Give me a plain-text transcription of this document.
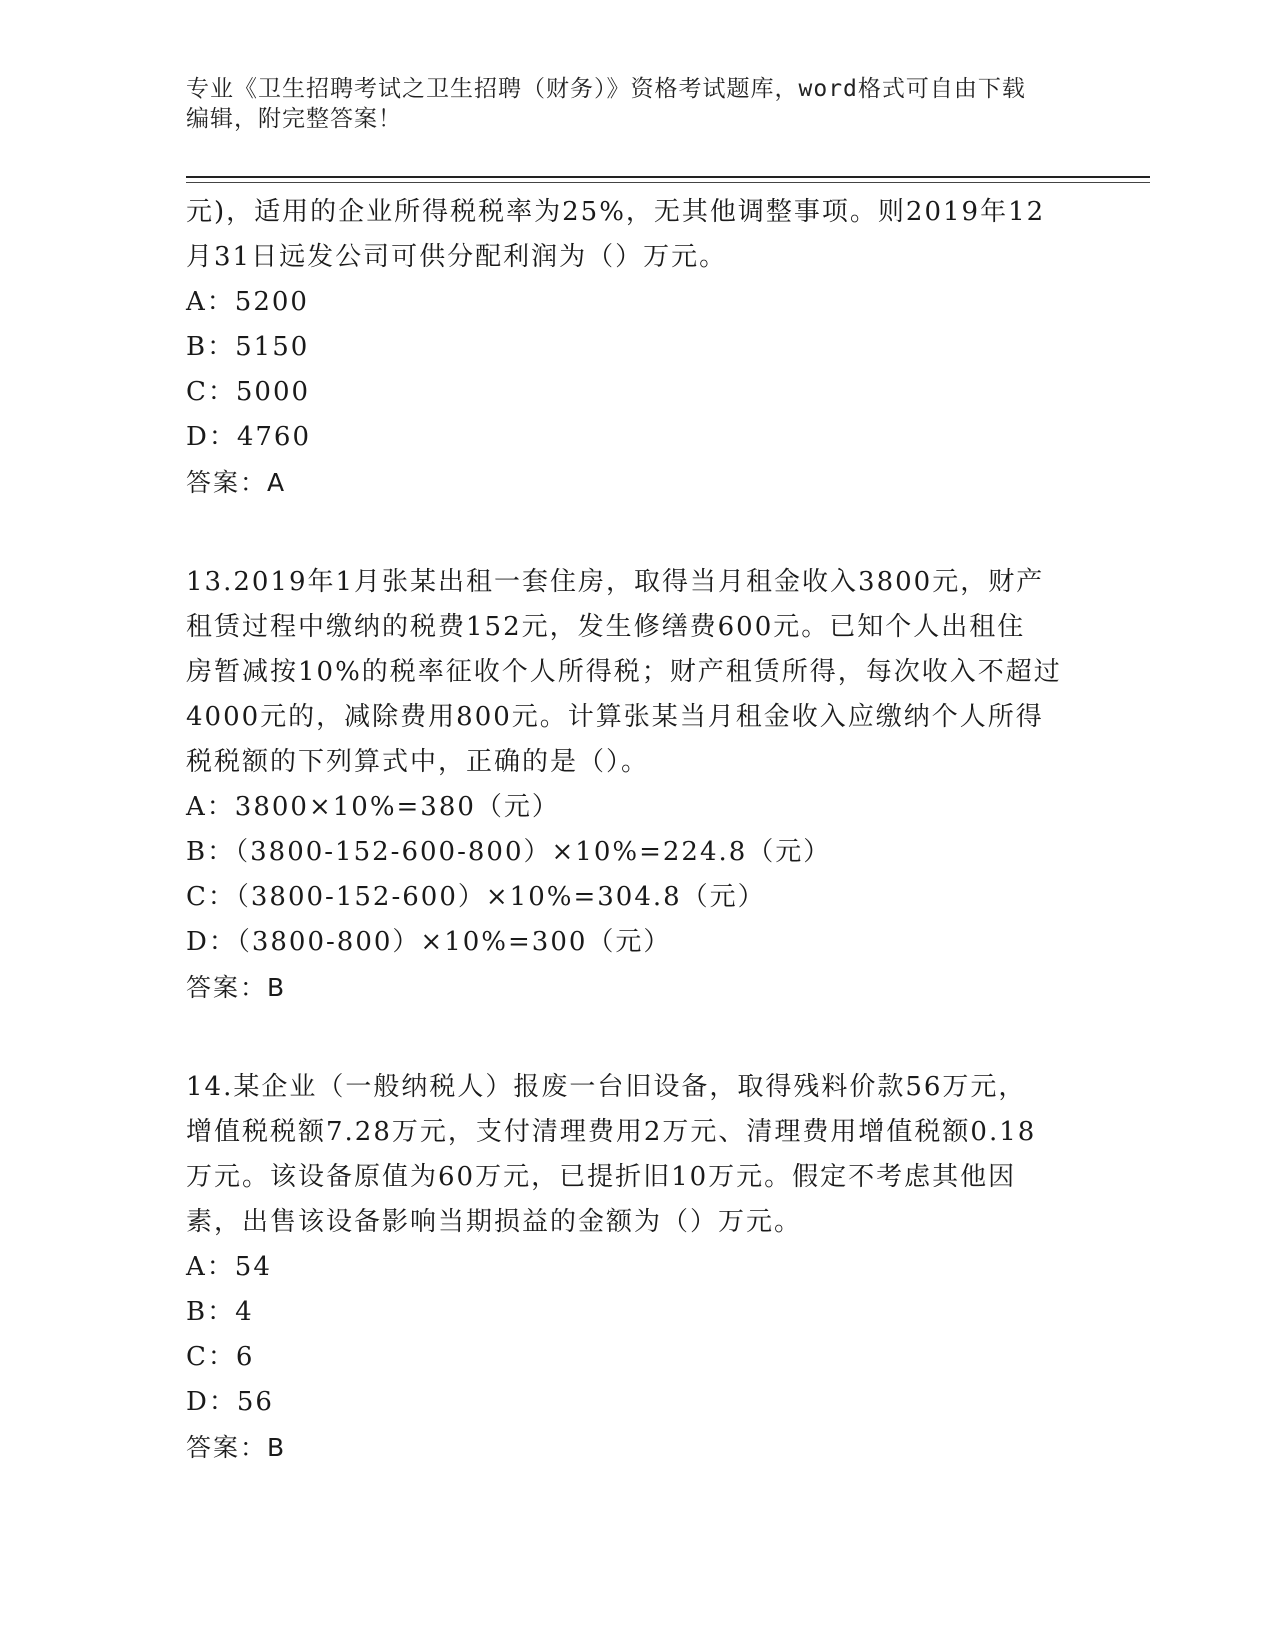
专业《卫生招聘考试之卫生招聘（财务）》资格考试题库，word格式可自由下载
编辑，附完整答案！

元)，适用的企业所得税税率为25%，无其他调整事项。则2019年12

月31日远发公司可供分配利润为（）万元。

A：5200

B：5150

C：5000

D：4760

答案：A

13.2019年1月张某出租一套住房，取得当月租金收入3800元，财产

租赁过程中缴纳的税费152元，发生修缮费600元。已知个人出租住

房暂减按10%的税率征收个人所得税；财产租赁所得，每次收入不超过

4000元的，减除费用800元。计算张某当月租金收入应缴纳个人所得

税税额的下列算式中，正确的是（）。

A：3800×10%=380（元）

B：（3800-152-600-800）×10%=224.8（元）

C：（3800-152-600）×10%=304.8（元）

D：（3800-800）×10%=300（元）

答案：B

14.某企业（一般纳税人）报废一台旧设备，取得残料价款56万元，

增值税税额7.28万元，支付清理费用2万元、清理费用增值税额0.18

万元。该设备原值为60万元，已提折旧10万元。假定不考虑其他因

素，出售该设备影响当期损益的金额为（）万元。

A：54

B：4

C：6

D：56

答案：B
